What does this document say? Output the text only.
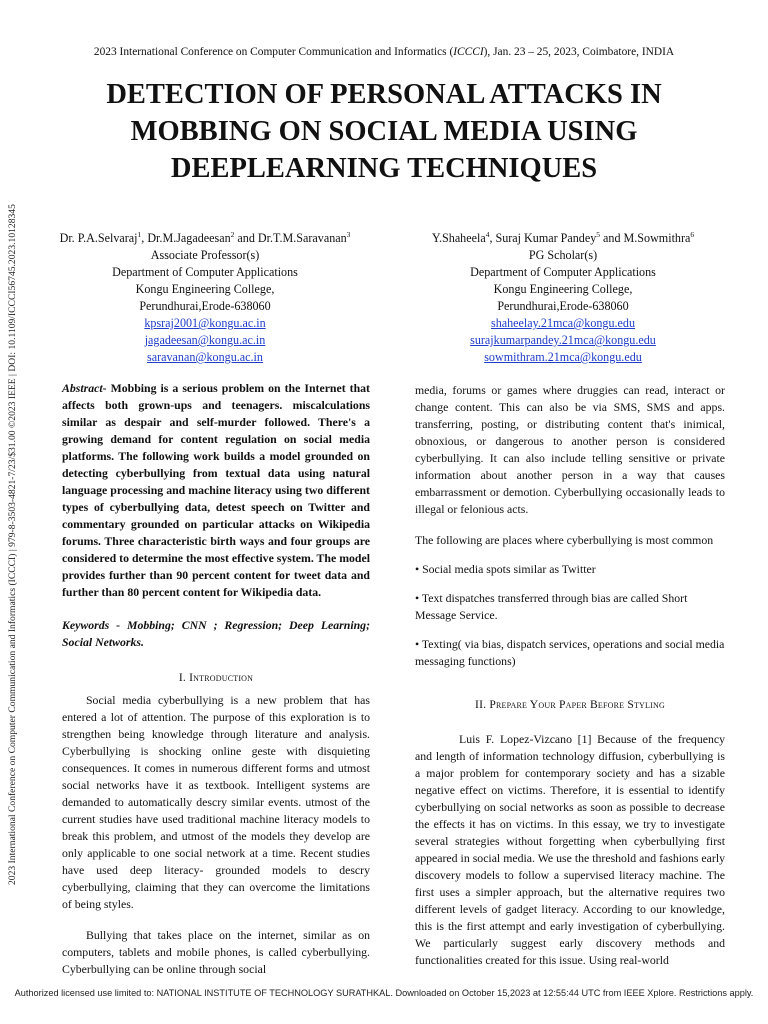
2023 International Conference on Computer Communication and Informatics (ICCCI), Jan. 23 – 25, 2023, Coimbatore, INDIA
2023 International Conference on Computer Communication and Informatics (ICCCI) | 979-8-3503-4821-7/23/$31.00 ©2023 IEEE | DOI: 10.1109/ICCCI56745.2023.10128345
DETECTION OF PERSONAL ATTACKS IN
MOBBING ON SOCIAL MEDIA USING
DEEPLEARNING TECHNIQUES
Dr. P.A.Selvaraj$^1$, Dr.M.Jagadeesan$^2$ and Dr.T.M.Saravanan$^3$
Associate Professor(s)
Department of Computer Applications
Kongu Engineering College,
Perundhurai,Erode-638060
kpsraj2001@kongu.ac.in
jagadeesan@kongu.ac.in
saravanan@kongu.ac.in
Y.Shaheela$^4$, Suraj Kumar Pandey$^5$ and M.Sowmithra$^6$
PG Scholar(s)
Department of Computer Applications
Kongu Engineering College,
Perundhurai,Erode-638060
shaheelay.21mca@kongu.edu
surajkumarpandey.21mca@kongu.edu
sowmithram.21mca@kongu.edu

Abstract- Mobbing is a serious problem on the Internet that affects both grown-ups and teenagers. miscalculations similar as despair and self-murder followed. There's a growing demand for content regulation on social media platforms. The following work builds a model grounded on detecting cyberbullying from textual data using natural language processing and machine literacy using two different types of cyberbullying data, detest speech on Twitter and commentary grounded on particular attacks on Wikipedia forums. Three characteristic birth ways and four groups are considered to determine the most effective system. The model provides further than 90 percent content for tweet data and further than 80 percent content for Wikipedia data.

Keywords - Mobbing; CNN ; Regression; Deep Learning; Social Networks.

I. Introduction

Social media cyberbullying is a new problem that has entered a lot of attention. The purpose of this exploration is to strengthen being knowledge through literature and analysis. Cyberbullying is shocking online geste with disquieting consequences. It comes in numerous different forms and utmost social networks have it as textbook. Intelligent systems are demanded to automatically descry similar events. utmost of the current studies have used traditional machine literacy models to break this problem, and utmost of the models they develop are only applicable to one social network at a time. Recent studies have used deep literacy- grounded models to descry cyberbullying, claiming that they can overcome the limitations of being styles.

Bullying that takes place on the internet, similar as on computers, tablets and mobile phones, is called cyberbullying. Cyberbullying can be online through social

media, forums or games where druggies can read, interact or change content. This can also be via SMS, SMS and apps. transferring, posting, or distributing content that's inimical, obnoxious, or dangerous to another person is considered cyberbullying. It can also include telling sensitive or private information about another person in a way that causes embarrassment or demotion. Cyberbullying occasionally leads to illegal or felonious acts.

The following are places where cyberbullying is most common

• Social media spots similar as Twitter

• Text dispatches transferred through bias are called Short Message Service.

• Texting( via bias, dispatch services, operations and social media messaging functions)

II. Prepare Your Paper Before Styling

Luis F. Lopez-Vizcano [1] Because of the frequency and length of information technology diffusion, cyberbullying is a major problem for contemporary society and has a sizable negative effect on victims. Therefore, it is essential to identify cyberbullying on social networks as soon as possible to decrease the effects it has on victims. In this essay, we try to investigate several strategies without forgetting when cyberbullying first appeared in social media. We use the threshold and fashions early discovery models to follow a supervised literacy machine. The first uses a simpler approach, but the alternative requires two different levels of gadget literacy. According to our knowledge, this is the first attempt and early investigation of cyberbullying. We particularly suggest early discovery methods and functionalities created for this issue. Using real-world

Authorized licensed use limited to: NATIONAL INSTITUTE OF TECHNOLOGY SURATHKAL. Downloaded on October 15,2023 at 12:55:44 UTC from IEEE Xplore. Restrictions apply.
